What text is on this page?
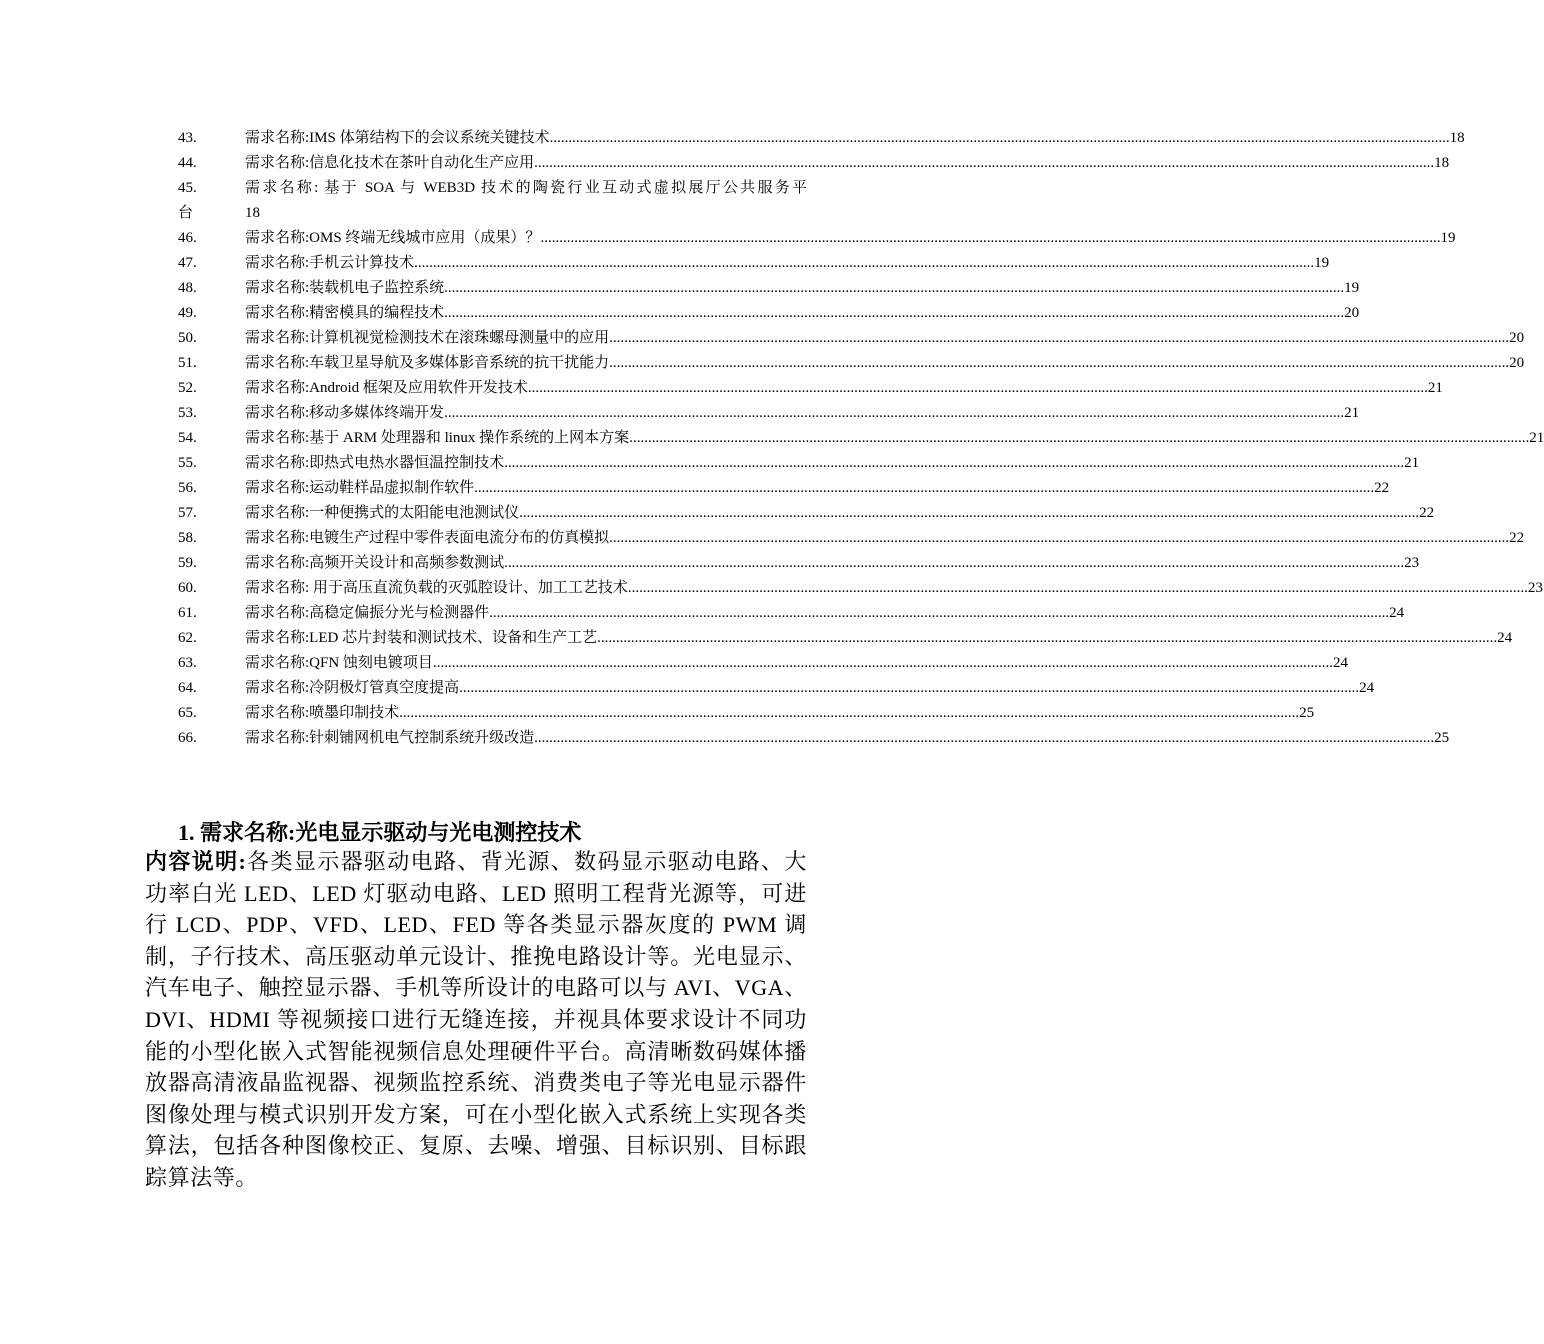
43.	需求名称:IMS 体第结构下的会议系统关键技术 ................................................................................................................................................................................................................................................ 18
44.	需求名称:信息化技术在茶叶自动化生产应用 ................................................................................................................................................................................................................................................ 18
45.	需求名称: 基于 SOA 与 WEB3D 技术的陶瓷行业互动式虚拟展厅公共服务平
台	18
46.	需求名称:OMS 终端无线城市应用（成果）？ ................................................................................................................................................................................................................................................ 19
47.	需求名称:手机云计算技术 ................................................................................................................................................................................................................................................ 19
48.	需求名称:装载机电子监控系统 ................................................................................................................................................................................................................................................ 19
49.	需求名称:精密模具的编程技术 ................................................................................................................................................................................................................................................ 20
50.	需求名称:计算机视觉检测技术在滚珠螺母测量中的应用 ................................................................................................................................................................................................................................................ 20
51.	需求名称:车载卫星导航及多媒体影音系统的抗干扰能力 ................................................................................................................................................................................................................................................ 20
52.	需求名称:Android 框架及应用软件开发技术 ................................................................................................................................................................................................................................................ 21
53.	需求名称:移动多媒体终端开发 ................................................................................................................................................................................................................................................ 21
54.	需求名称:基于 ARM 处理器和 linux 操作系统的上网本方案 ................................................................................................................................................................................................................................................ 21
55.	需求名称:即热式电热水器恒温控制技术 ................................................................................................................................................................................................................................................ 21
56.	需求名称:运动鞋样品虚拟制作软件 ................................................................................................................................................................................................................................................ 22
57.	需求名称:一种便携式的太阳能电池测试仪 ................................................................................................................................................................................................................................................ 22
58.	需求名称:电镀生产过程中零件表面电流分布的仿真模拟 ................................................................................................................................................................................................................................................ 22
59.	需求名称:高频开关设计和高频参数测试 ................................................................................................................................................................................................................................................ 23
60.	需求名称: 用于高压直流负载的灭弧腔设计、加工工艺技术 ................................................................................................................................................................................................................................................ 23
61.	需求名称:高稳定偏振分光与检测器件 ................................................................................................................................................................................................................................................ 24
62.	需求名称:LED 芯片封装和测试技术、设备和生产工艺 ................................................................................................................................................................................................................................................ 24
63.	需求名称:QFN 蚀刻电镀项目 ................................................................................................................................................................................................................................................ 24
64.	需求名称:冷阴极灯管真空度提高 ................................................................................................................................................................................................................................................ 24
65.	需求名称:喷墨印制技术 ................................................................................................................................................................................................................................................ 25
66.	需求名称:针刺铺网机电气控制系统升级改造 ................................................................................................................................................................................................................................................ 25
1. 需求名称:光电显示驱动与光电测控技术
内容说明:各类显示器驱动电路、背光源、数码显示驱动电路、大功率白光 LED、LED 灯驱动电路、LED 照明工程背光源等，可进行 LCD、PDP、VFD、LED、FED 等各类显示器灰度的 PWM 调制，子行技术、高压驱动单元设计、推挽电路设计等。光电显示、汽车电子、触控显示器、手机等所设计的电路可以与 AVI、VGA、DVI、HDMI 等视频接口进行无缝连接，并视具体要求设计不同功能的小型化嵌入式智能视频信息处理硬件平台。高清晰数码媒体播放器高清液晶监视器、视频监控系统、消费类电子等光电显示器件图像处理与模式识别开发方案，可在小型化嵌入式系统上实现各类算法，包括各种图像校正、复原、去噪、增强、目标识别、目标跟踪算法等。
